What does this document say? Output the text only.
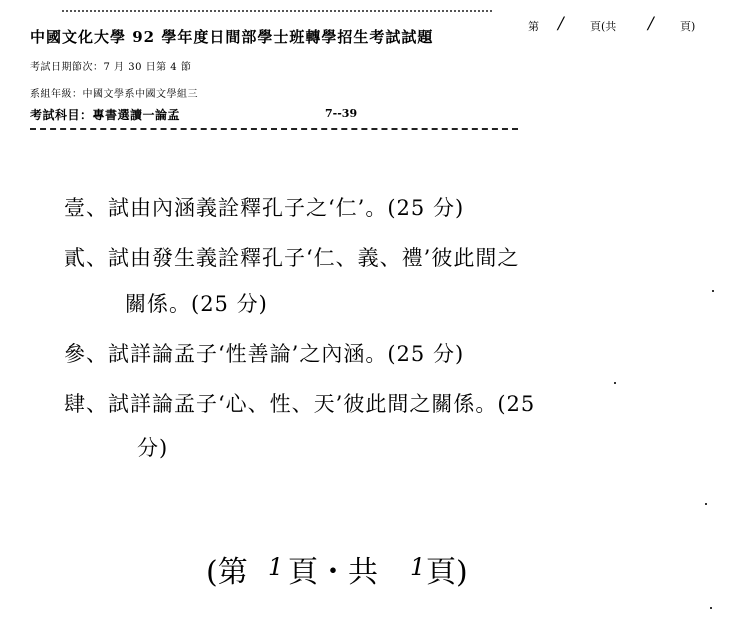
中國文化大學 92 學年度日間部學士班轉學招生考試試題
第 / 頁(共 / 頁)
考試日期節次：7 月 30 日第 4 節
系組年級：中國文學系中國文學組三
考試科目：專書選讀一論孟	7--39
壹、試由內涵義詮釋孔子之‘仁’。(25 分)
貳、試由發生義詮釋孔子‘仁、義、禮’彼此間之
關係。(25 分)
參、試詳論孟子‘性善論’之內涵。(25 分)
肆、試詳論孟子‘心、性、天’彼此間之關係。(25
分)
(第 1 頁・共 1 頁)
